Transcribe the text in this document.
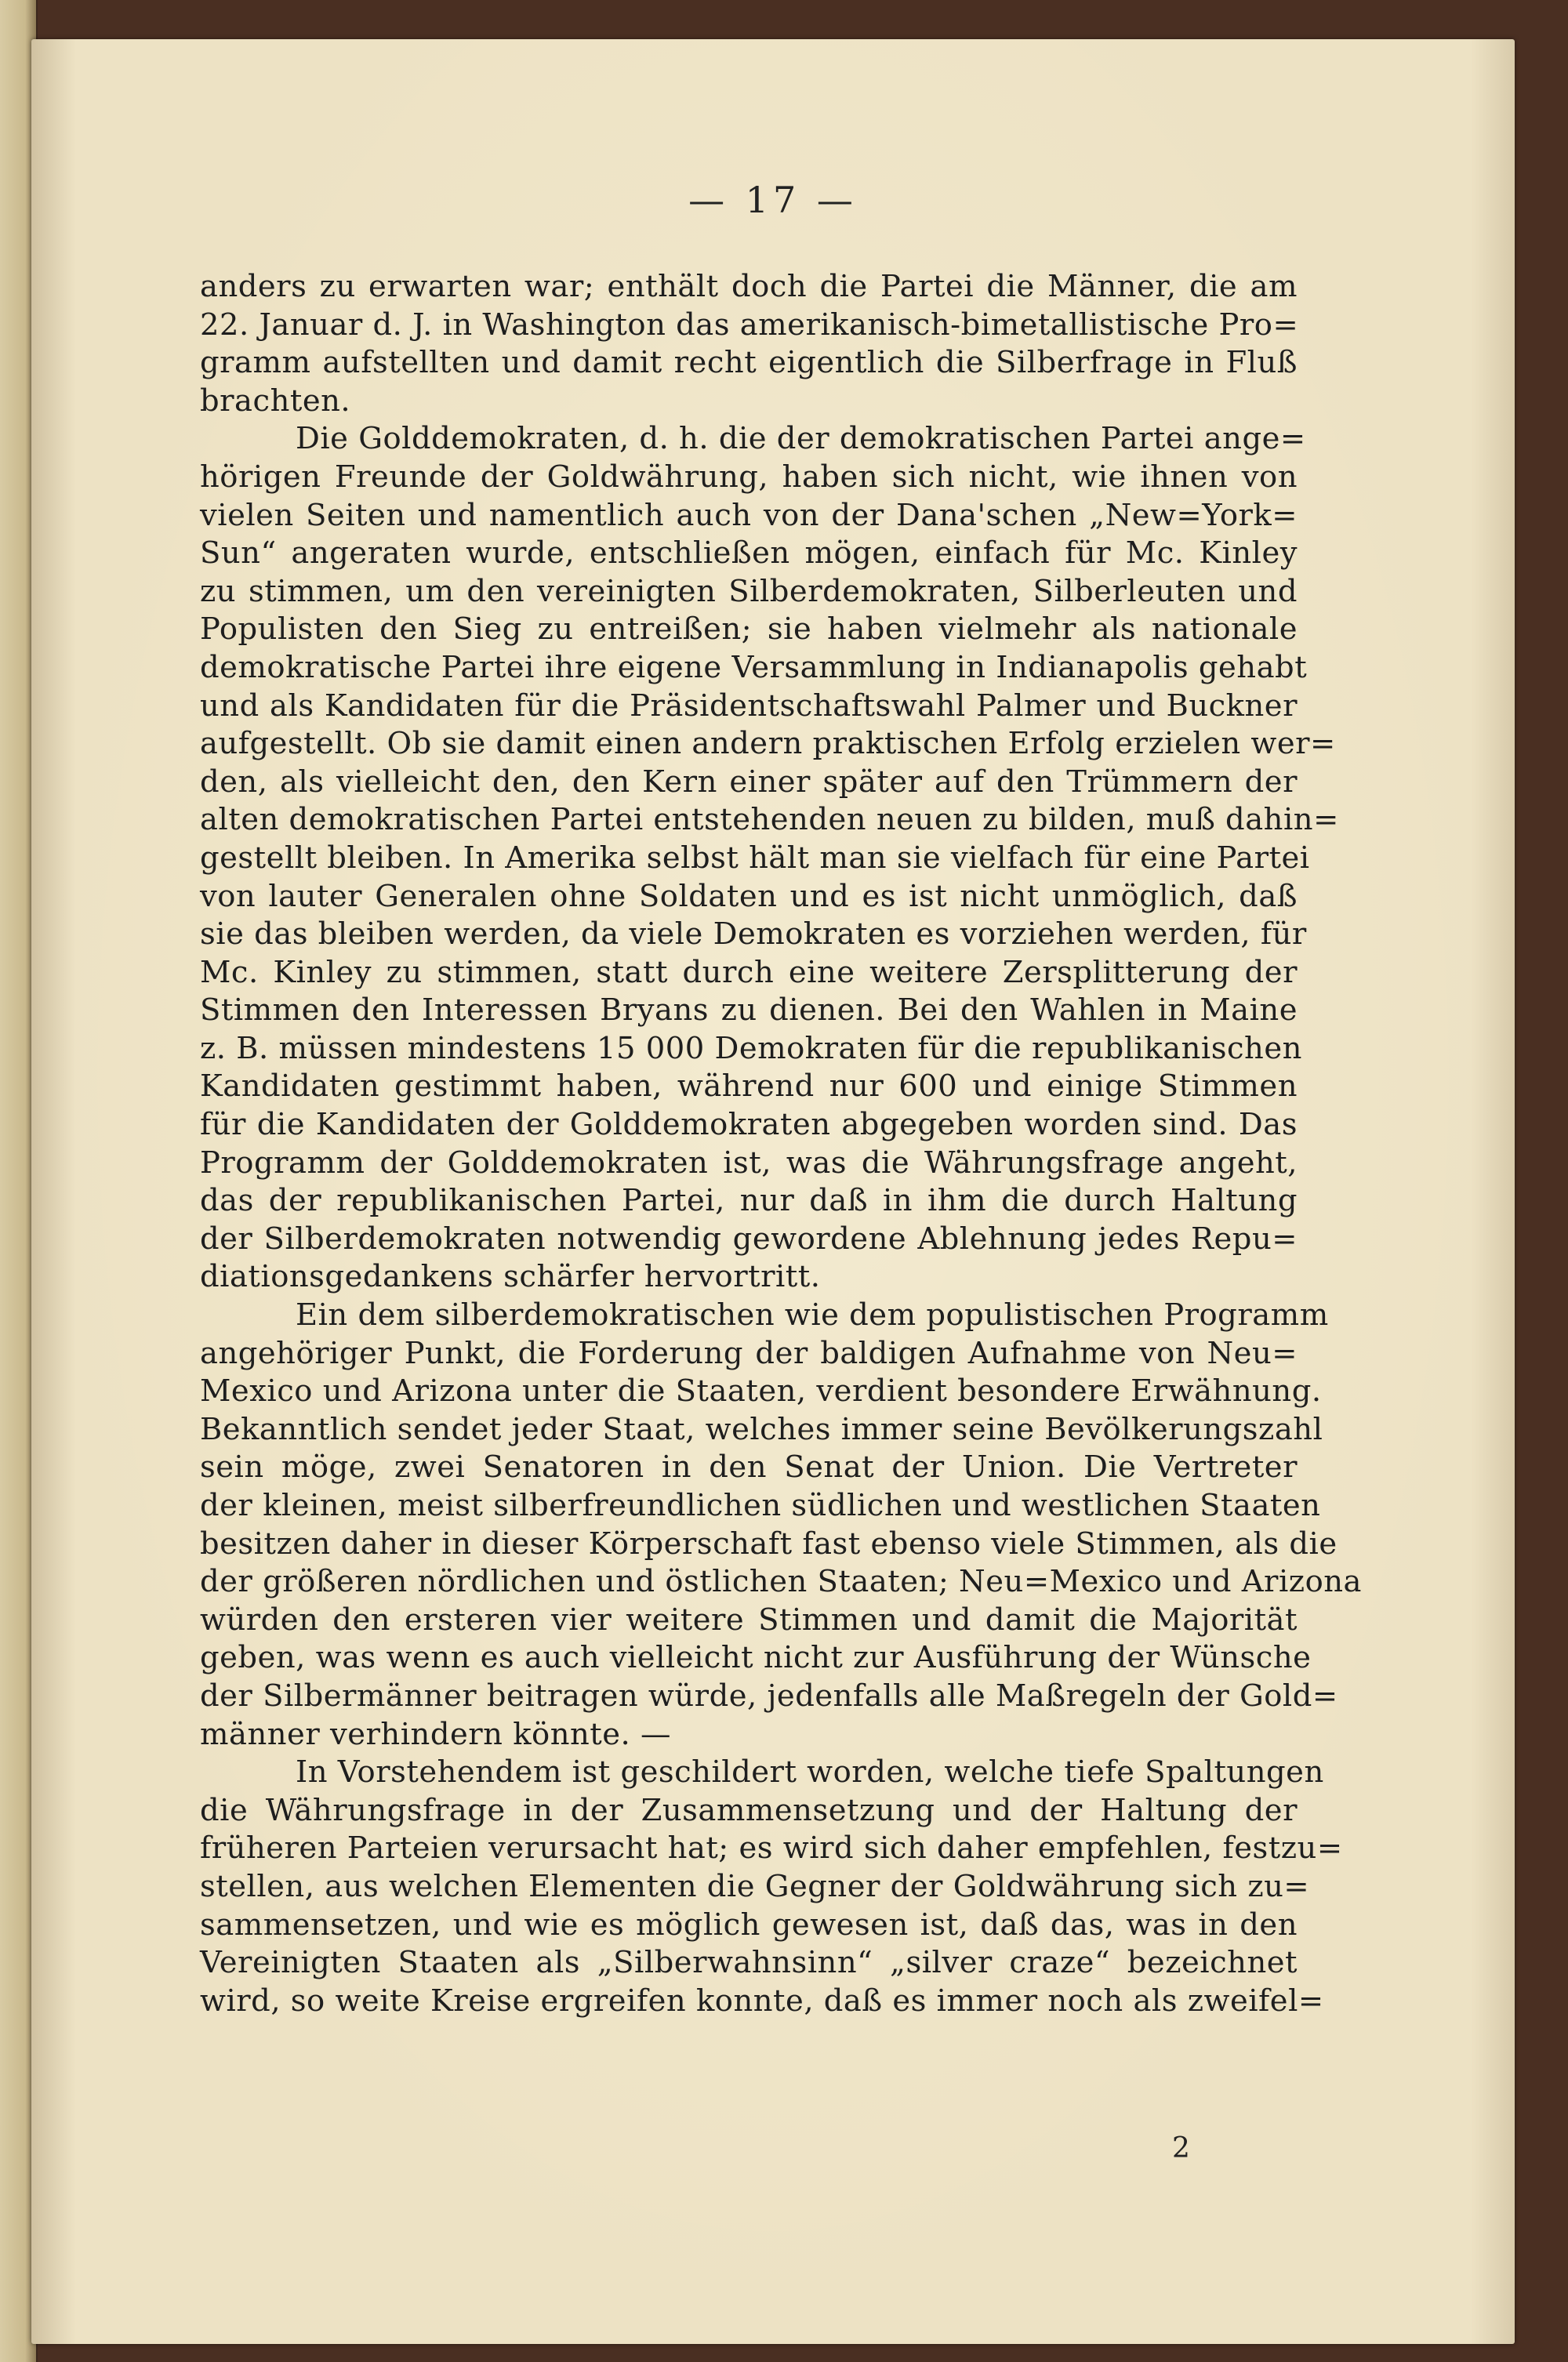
— 17 —
anders zu erwarten war; enthält doch die Partei die Männer, die am
22. Januar d. J. in Washington das amerikanisch-bimetallistische Pro=
gramm aufstellten und damit recht eigentlich die Silberfrage in Fluß
brachten.
Die Golddemokraten, d. h. die der demokratischen Partei ange=
hörigen Freunde der Goldwährung, haben sich nicht, wie ihnen von
vielen Seiten und namentlich auch von der Dana'schen „New=York=
Sun“ angeraten wurde, entschließen mögen, einfach für Mc. Kinley
zu stimmen, um den vereinigten Silberdemokraten, Silberleuten und
Populisten den Sieg zu entreißen; sie haben vielmehr als nationale
demokratische Partei ihre eigene Versammlung in Indianapolis gehabt
und als Kandidaten für die Präsidentschaftswahl Palmer und Buckner
aufgestellt. Ob sie damit einen andern praktischen Erfolg erzielen wer=
den, als vielleicht den, den Kern einer später auf den Trümmern der
alten demokratischen Partei entstehenden neuen zu bilden, muß dahin=
gestellt bleiben. In Amerika selbst hält man sie vielfach für eine Partei
von lauter Generalen ohne Soldaten und es ist nicht unmöglich, daß
sie das bleiben werden, da viele Demokraten es vorziehen werden, für
Mc. Kinley zu stimmen, statt durch eine weitere Zersplitterung der
Stimmen den Interessen Bryans zu dienen. Bei den Wahlen in Maine
z. B. müssen mindestens 15 000 Demokraten für die republikanischen
Kandidaten gestimmt haben, während nur 600 und einige Stimmen
für die Kandidaten der Golddemokraten abgegeben worden sind. Das
Programm der Golddemokraten ist, was die Währungsfrage angeht,
das der republikanischen Partei, nur daß in ihm die durch Haltung
der Silberdemokraten notwendig gewordene Ablehnung jedes Repu=
diationsgedankens schärfer hervortritt.
Ein dem silberdemokratischen wie dem populistischen Programm
angehöriger Punkt, die Forderung der baldigen Aufnahme von Neu=
Mexico und Arizona unter die Staaten, verdient besondere Erwähnung.
Bekanntlich sendet jeder Staat, welches immer seine Bevölkerungszahl
sein möge, zwei Senatoren in den Senat der Union. Die Vertreter
der kleinen, meist silberfreundlichen südlichen und westlichen Staaten
besitzen daher in dieser Körperschaft fast ebenso viele Stimmen, als die
der größeren nördlichen und östlichen Staaten; Neu=Mexico und Arizona
würden den ersteren vier weitere Stimmen und damit die Majorität
geben, was wenn es auch vielleicht nicht zur Ausführung der Wünsche
der Silbermänner beitragen würde, jedenfalls alle Maßregeln der Gold=
männer verhindern könnte. —
In Vorstehendem ist geschildert worden, welche tiefe Spaltungen
die Währungsfrage in der Zusammensetzung und der Haltung der
früheren Parteien verursacht hat; es wird sich daher empfehlen, festzu=
stellen, aus welchen Elementen die Gegner der Goldwährung sich zu=
sammensetzen, und wie es möglich gewesen ist, daß das, was in den
Vereinigten Staaten als „Silberwahnsinn“ „silver craze“ bezeichnet
wird, so weite Kreise ergreifen konnte, daß es immer noch als zweifel=
2
